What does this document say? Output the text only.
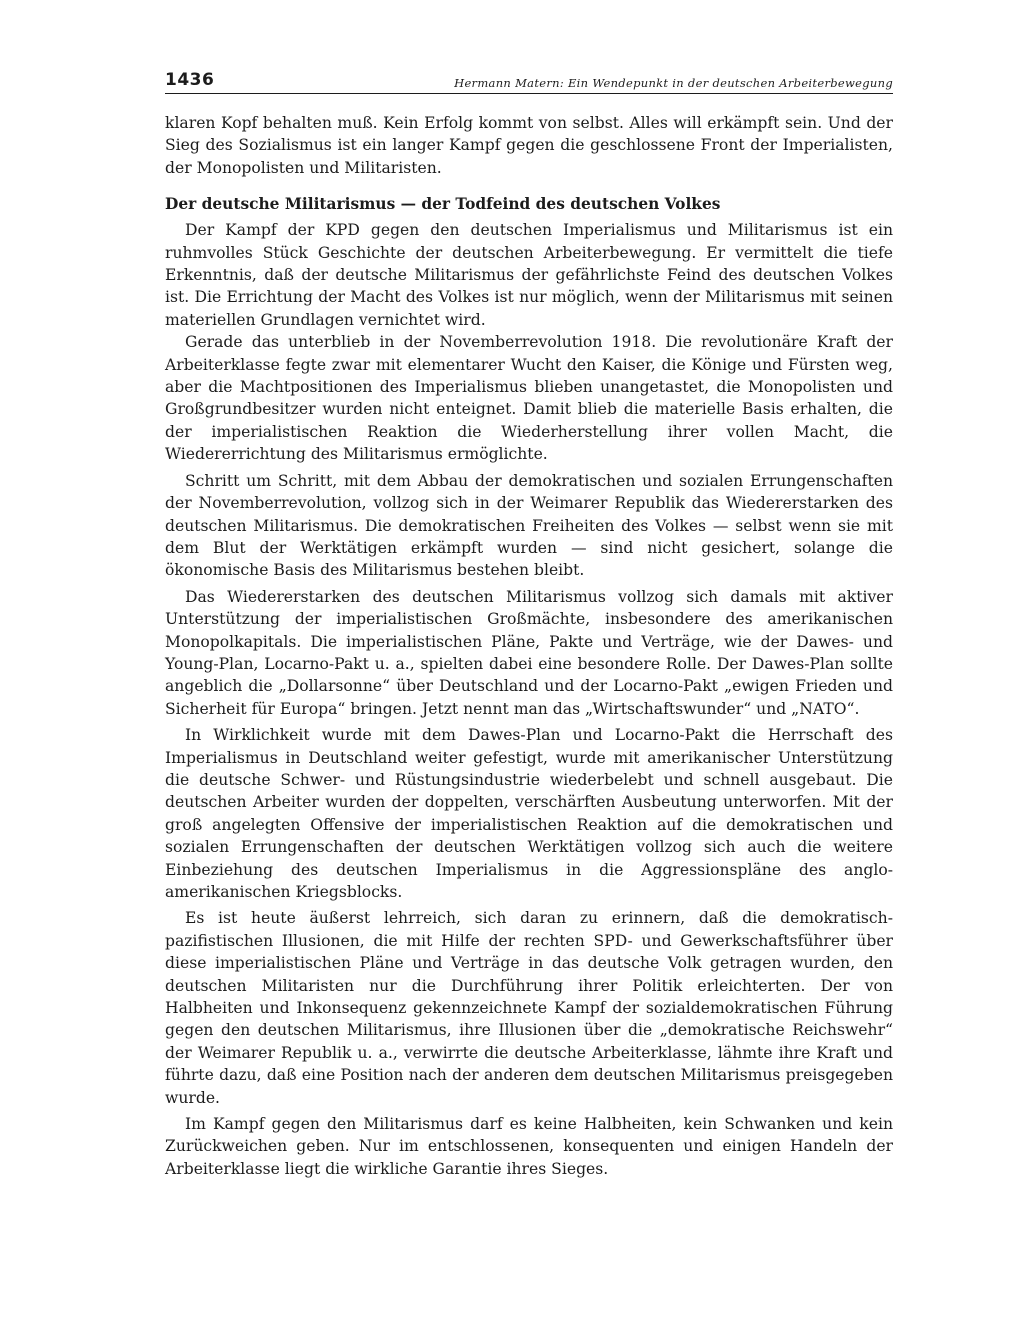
1436	Hermann Matern: Ein Wendepunkt in der deutschen Arbeiterbewegung

klaren Kopf behalten muß. Kein Erfolg kommt von selbst. Alles will erkämpft sein. Und der Sieg des Sozialismus ist ein langer Kampf gegen die geschlossene Front der Imperialisten, der Monopolisten und Militaristen.

Der deutsche Militarismus — der Todfeind des deutschen Volkes

Der Kampf der KPD gegen den deutschen Imperialismus und Militarismus ist ein ruhmvolles Stück Geschichte der deutschen Arbeiterbewegung. Er vermittelt die tiefe Erkenntnis, daß der deutsche Militarismus der gefährlichste Feind des deutschen Volkes ist. Die Errichtung der Macht des Volkes ist nur möglich, wenn der Militarismus mit seinen materiellen Grundlagen vernichtet wird.

Gerade das unterblieb in der Novemberrevolution 1918. Die revolutionäre Kraft der Arbeiterklasse fegte zwar mit elementarer Wucht den Kaiser, die Könige und Fürsten weg, aber die Machtpositionen des Imperialismus blieben unangetastet, die Monopolisten und Großgrundbesitzer wurden nicht enteignet. Damit blieb die materielle Basis erhalten, die der imperialistischen Reaktion die Wiederherstellung ihrer vollen Macht, die Wiedererrichtung des Militarismus ermöglichte.

Schritt um Schritt, mit dem Abbau der demokratischen und sozialen Errungenschaften der Novemberrevolution, vollzog sich in der Weimarer Republik das Wiedererstarken des deutschen Militarismus. Die demokratischen Freiheiten des Volkes — selbst wenn sie mit dem Blut der Werktätigen erkämpft wurden — sind nicht gesichert, solange die ökonomische Basis des Militarismus bestehen bleibt.

Das Wiedererstarken des deutschen Militarismus vollzog sich damals mit aktiver Unterstützung der imperialistischen Großmächte, insbesondere des amerikanischen Monopolkapitals. Die imperialistischen Pläne, Pakte und Verträge, wie der Dawes- und Young-Plan, Locarno-Pakt u. a., spielten dabei eine besondere Rolle. Der Dawes-Plan sollte angeblich die „Dollarsonne“ über Deutschland und der Locarno-Pakt „ewigen Frieden und Sicherheit für Europa“ bringen. Jetzt nennt man das „Wirtschaftswunder“ und „NATO“.

In Wirklichkeit wurde mit dem Dawes-Plan und Locarno-Pakt die Herrschaft des Imperialismus in Deutschland weiter gefestigt, wurde mit amerikanischer Unterstützung die deutsche Schwer- und Rüstungsindustrie wiederbelebt und schnell ausgebaut. Die deutschen Arbeiter wurden der doppelten, verschärften Ausbeutung unterworfen. Mit der groß angelegten Offensive der imperialistischen Reaktion auf die demokratischen und sozialen Errungenschaften der deutschen Werktätigen vollzog sich auch die weitere Einbeziehung des deutschen Imperialismus in die Aggressionspläne des anglo-amerikanischen Kriegsblocks.

Es ist heute äußerst lehrreich, sich daran zu erinnern, daß die demokratischpazifistischen Illusionen, die mit Hilfe der rechten SPD- und Gewerkschaftsführer über diese imperialistischen Pläne und Verträge in das deutsche Volk getragen wurden, den deutschen Militaristen nur die Durchführung ihrer Politik erleichterten. Der von Halbheiten und Inkonsequenz gekennzeichnete Kampf der sozialdemokratischen Führung gegen den deutschen Militarismus, ihre Illusionen über die „demokratische Reichswehr“ der Weimarer Republik u. a., verwirrte die deutsche Arbeiterklasse, lähmte ihre Kraft und führte dazu, daß eine Position nach der anderen dem deutschen Militarismus preisgegeben wurde.

Im Kampf gegen den Militarismus darf es keine Halbheiten, kein Schwanken und kein Zurückweichen geben. Nur im entschlossenen, konsequenten und einigen Handeln der Arbeiterklasse liegt die wirkliche Garantie ihres Sieges.
